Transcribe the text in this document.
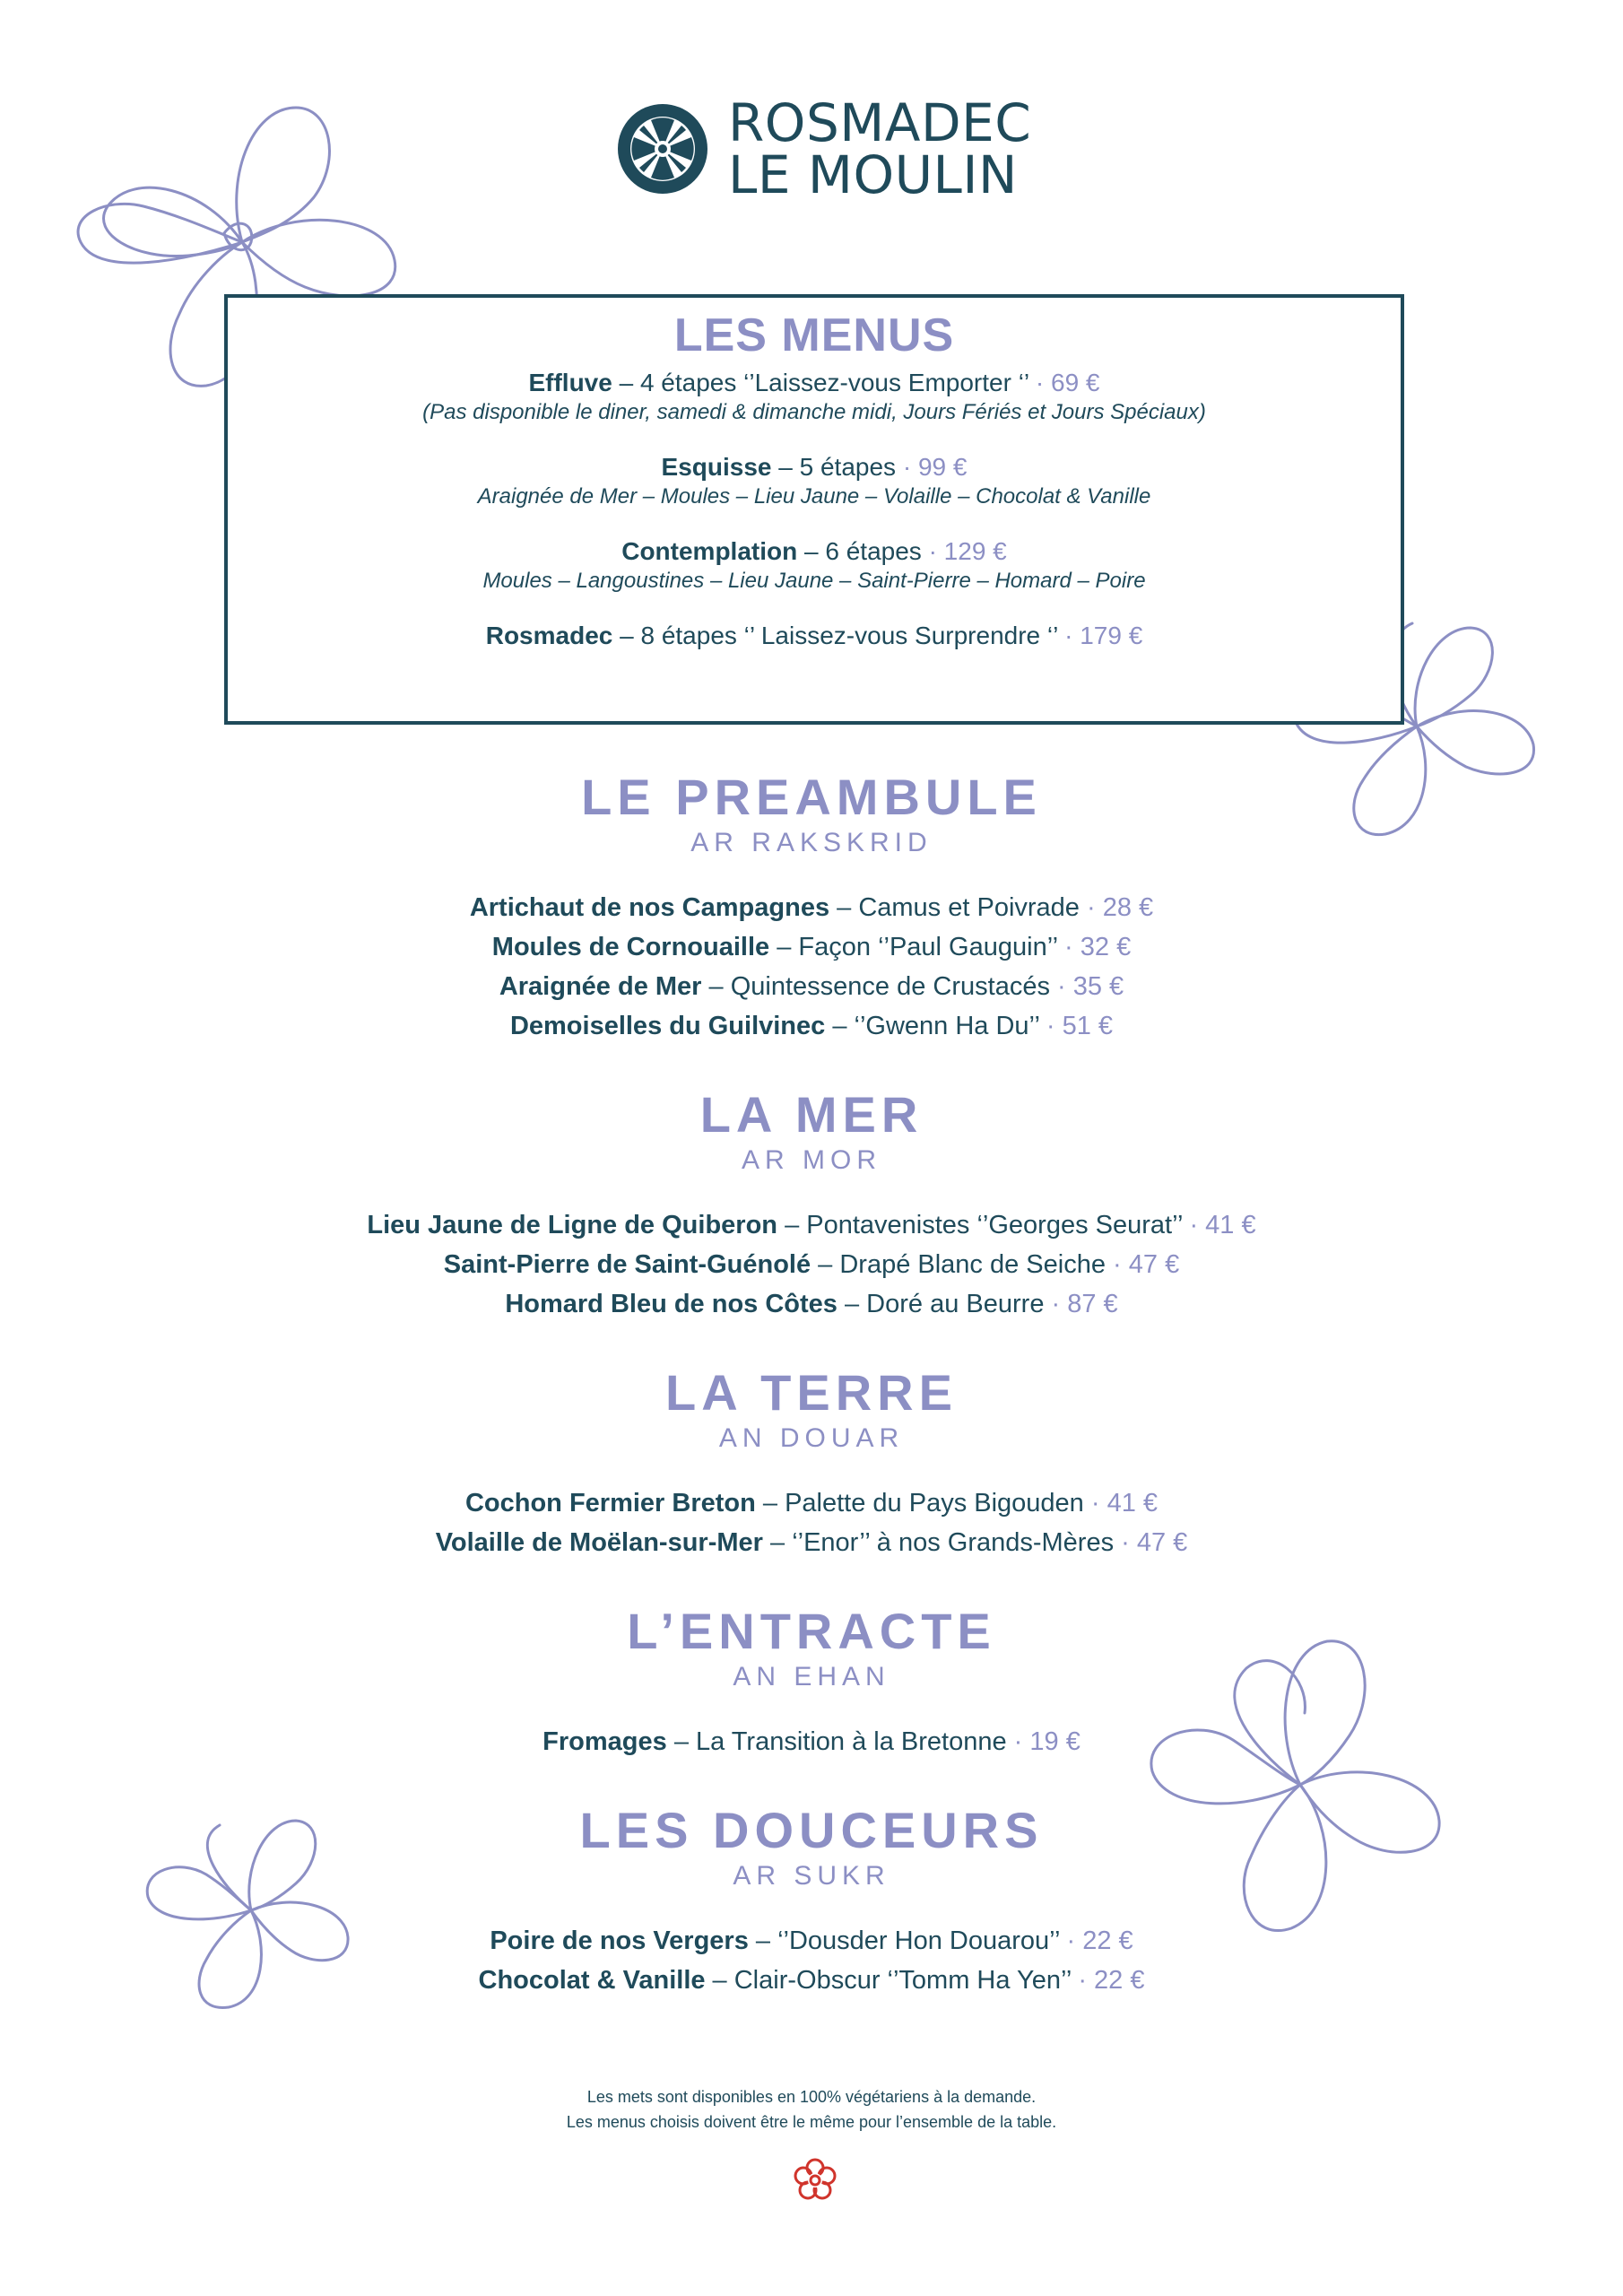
ROSMADEC
LE MOULIN
LES MENUS
Effluve – 4 étapes ‘’Laissez-vous Emporter ‘’ · 69 €
(Pas disponible le diner, samedi & dimanche midi, Jours Fériés et Jours Spéciaux)
Esquisse – 5 étapes · 99 €
Araignée de Mer – Moules – Lieu Jaune – Volaille – Chocolat & Vanille
Contemplation – 6 étapes · 129 €
Moules – Langoustines – Lieu Jaune – Saint-Pierre – Homard – Poire
Rosmadec – 8 étapes ‘’ Laissez-vous Surprendre ‘’ · 179 €
LE PREAMBULE
AR RAKSKRID
Artichaut de nos Campagnes – Camus et Poivrade · 28 €
Moules de Cornouaille – Façon ‘’Paul Gauguin’’ · 32 €
Araignée de Mer – Quintessence de Crustacés · 35 €
Demoiselles du Guilvinec – ‘’Gwenn Ha Du’’ · 51 €
LA MER
AR MOR
Lieu Jaune de Ligne de Quiberon – Pontavenistes ‘’Georges Seurat’’ · 41 €
Saint-Pierre de Saint-Guénolé – Drapé Blanc de Seiche · 47 €
Homard Bleu de nos Côtes – Doré au Beurre · 87 €
LA TERRE
AN DOUAR
Cochon Fermier Breton – Palette du Pays Bigouden · 41 €
Volaille de Moëlan-sur-Mer – ‘’Enor’’ à nos Grands-Mères · 47 €
L’ENTRACTE
AN EHAN
Fromages – La Transition à la Bretonne · 19 €
LES DOUCEURS
AR SUKR
Poire de nos Vergers – ‘’Dousder Hon Douarou’’ · 22 €
Chocolat & Vanille – Clair-Obscur ‘’Tomm Ha Yen’’ · 22 €
Les mets sont disponibles en 100% végétariens à la demande.
Les menus choisis doivent être le même pour l’ensemble de la table.
